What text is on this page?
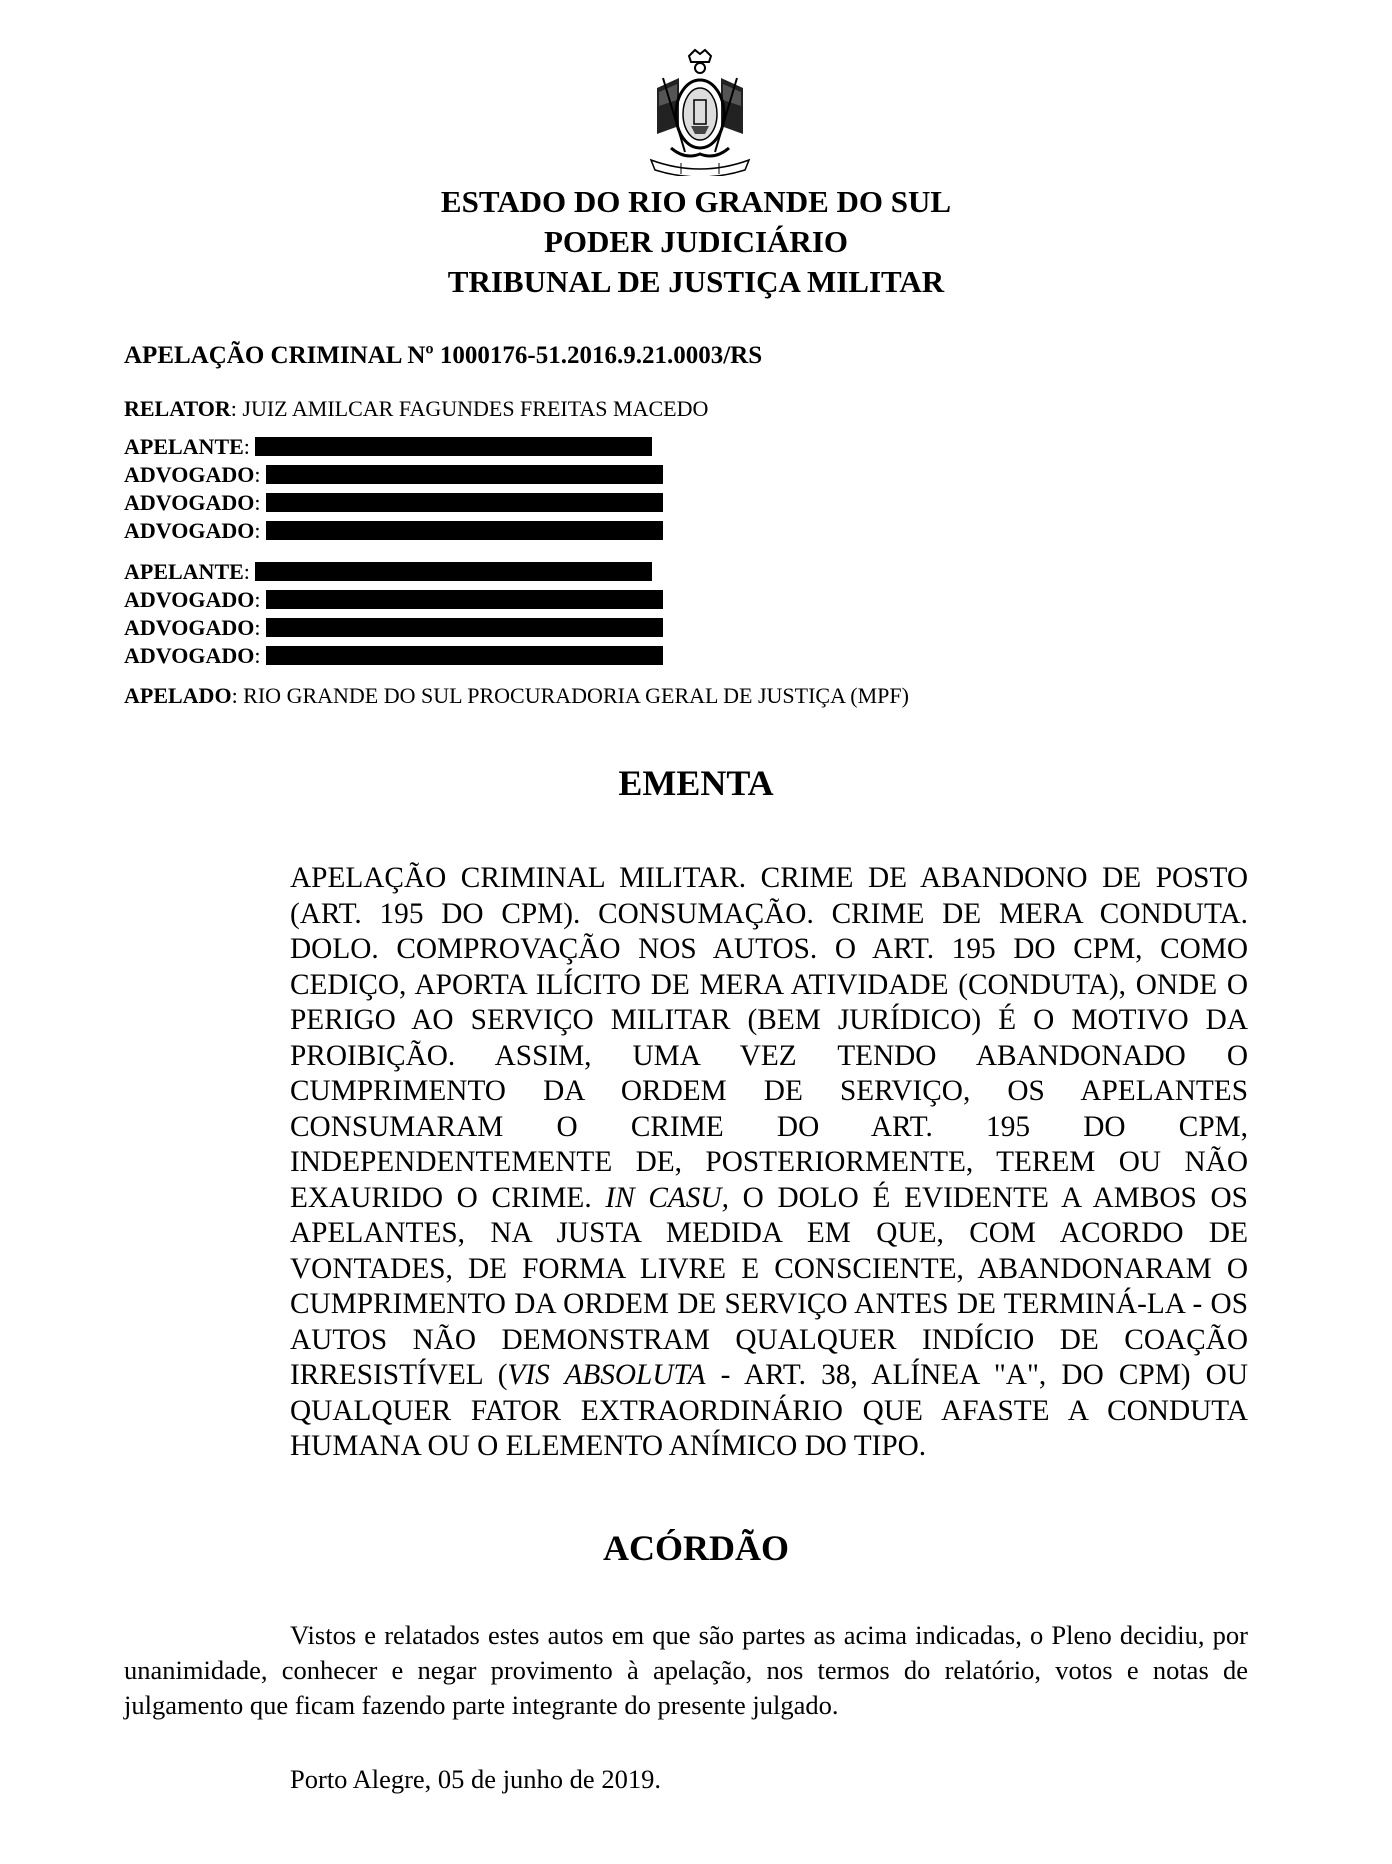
ESTADO DO RIO GRANDE DO SUL
PODER JUDICIÁRIO
TRIBUNAL DE JUSTIÇA MILITAR
APELAÇÃO CRIMINAL Nº 1000176-51.2016.9.21.0003/RS
RELATOR: JUIZ AMILCAR FAGUNDES FREITAS MACEDO
APELANTE:
ADVOGADO:
ADVOGADO:
ADVOGADO:
APELANTE:
ADVOGADO:
ADVOGADO:
ADVOGADO:
APELADO: RIO GRANDE DO SUL PROCURADORIA GERAL DE JUSTIÇA (MPF)
EMENTA
APELAÇÃO CRIMINAL MILITAR. CRIME DE ABANDONO DE POSTO (ART. 195 DO CPM). CONSUMAÇÃO. CRIME DE MERA CONDUTA. DOLO. COMPROVAÇÃO NOS AUTOS. O ART. 195 DO CPM, COMO CEDIÇO, APORTA ILÍCITO DE MERA ATIVIDADE (CONDUTA), ONDE O PERIGO AO SERVIÇO MILITAR (BEM JURÍDICO) É O MOTIVO DA PROIBIÇÃO. ASSIM, UMA VEZ TENDO ABANDONADO O CUMPRIMENTO DA ORDEM DE SERVIÇO, OS APELANTES CONSUMARAM O CRIME DO ART. 195 DO CPM, INDEPENDENTEMENTE DE, POSTERIORMENTE, TEREM OU NÃO EXAURIDO O CRIME. IN CASU, O DOLO É EVIDENTE A AMBOS OS APELANTES, NA JUSTA MEDIDA EM QUE, COM ACORDO DE VONTADES, DE FORMA LIVRE E CONSCIENTE, ABANDONARAM O CUMPRIMENTO DA ORDEM DE SERVIÇO ANTES DE TERMINÁ-LA - OS AUTOS NÃO DEMONSTRAM QUALQUER INDÍCIO DE COAÇÃO IRRESISTÍVEL (VIS ABSOLUTA - ART. 38, ALÍNEA "A", DO CPM) OU QUALQUER FATOR EXTRAORDINÁRIO QUE AFASTE A CONDUTA HUMANA OU O ELEMENTO ANÍMICO DO TIPO.
ACÓRDÃO
Vistos e relatados estes autos em que são partes as acima indicadas, o Pleno decidiu, por unanimidade, conhecer e negar provimento à apelação, nos termos do relatório, votos e notas de julgamento que ficam fazendo parte integrante do presente julgado.
Porto Alegre, 05 de junho de 2019.
